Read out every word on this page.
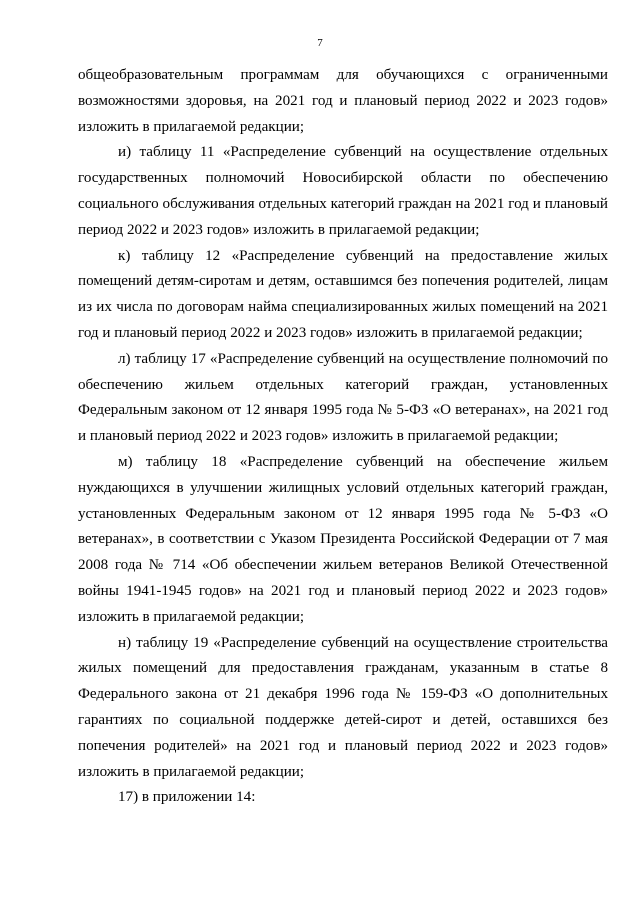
7

общеобразовательным программам для обучающихся с ограниченными возможностями здоровья, на 2021 год и плановый период 2022 и 2023 годов» изложить в прилагаемой редакции;

и) таблицу 11 «Распределение субвенций на осуществление отдельных государственных полномочий Новосибирской области по обеспечению социального обслуживания отдельных категорий граждан на 2021 год и плановый период 2022 и 2023 годов» изложить в прилагаемой редакции;

к) таблицу 12 «Распределение субвенций на предоставление жилых помещений детям-сиротам и детям, оставшимся без попечения родителей, лицам из их числа по договорам найма специализированных жилых помещений на 2021 год и плановый период 2022 и 2023 годов» изложить в прилагаемой редакции;

л) таблицу 17 «Распределение субвенций на осуществление полномочий по обеспечению жильем отдельных категорий граждан, установленных Федеральным законом от 12 января 1995 года № 5-ФЗ «О ветеранах», на 2021 год и плановый период 2022 и 2023 годов» изложить в прилагаемой редакции;

м) таблицу 18 «Распределение субвенций на обеспечение жильем нуждающихся в улучшении жилищных условий отдельных категорий граждан, установленных Федеральным законом от 12 января 1995 года № 5-ФЗ «О ветеранах», в соответствии с Указом Президента Российской Федерации от 7 мая 2008 года № 714 «Об обеспечении жильем ветеранов Великой Отечественной войны 1941-1945 годов» на 2021 год и плановый период 2022 и 2023 годов» изложить в прилагаемой редакции;

н) таблицу 19 «Распределение субвенций на осуществление строительства жилых помещений для предоставления гражданам, указанным в статье 8 Федерального закона от 21 декабря 1996 года № 159-ФЗ «О дополнительных гарантиях по социальной поддержке детей-сирот и детей, оставшихся без попечения родителей» на 2021 год и плановый период 2022 и 2023 годов» изложить в прилагаемой редакции;

17) в приложении 14:
